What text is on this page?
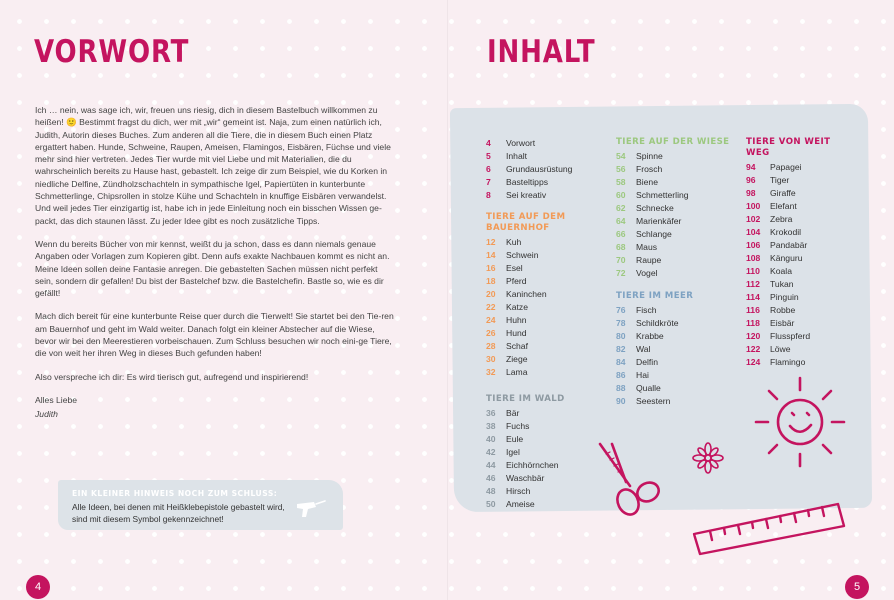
VORWORT

Ich … nein, was sage ich, wir, freuen uns riesig, dich in diesem Bastelbuch willkommen zu heißen! 🙂 Bestimmt fragst du dich, wer mit „wir“ gemeint ist. Naja, zum einen natürlich ich, Judith, Autorin dieses Buches. Zum anderen all die Tiere, die in diesem Buch einen Platz ergattert haben. Hunde, Schweine, Raupen, Ameisen, Flamingos, Eisbären, Füchse und viele mehr sind hier vertreten. Jedes Tier wurde mit viel Liebe und mit Materialien, die du wahrscheinlich bereits zu Hause hast, gebastelt. Ich zeige dir zum Beispiel, wie du Korken in niedliche Delfine, Zündholzschachteln in sympathische Igel, Papiertüten in kunterbunte Schmetterlinge, Chipsrollen in stolze Kühe und Schachteln in knuffige Eisbären verwandelst. Und weil jedes Tier einzigartig ist, habe ich in jede Einleitung noch ein bisschen Wissen ge-packt, das dich staunen lässt. Zu jeder Idee gibt es noch zusätzliche Tipps.

Wenn du bereits Bücher von mir kennst, weißt du ja schon, dass es dann niemals genaue Angaben oder Vorlagen zum Kopieren gibt. Denn aufs exakte Nachbauen kommt es nicht an. Meine Ideen sollen deine Fantasie anregen. Die gebastelten Sachen müssen nicht perfekt sein, sondern dir gefallen! Du bist der Bastelchef bzw. die Bastelchefin. Bastle so, wie es dir gefällt!

Mach dich bereit für eine kunterbunte Reise quer durch die Tierwelt! Sie startet bei den Tie-ren am Bauernhof und geht im Wald weiter. Danach folgt ein kleiner Abstecher auf die Wiese, bevor wir bei den Meerestieren vorbeischauen. Zum Schluss besuchen wir noch eini-ge Tiere, die von weit her ihren Weg in dieses Buch gefunden haben!

Also verspreche ich dir: Es wird tierisch gut, aufregend und inspirierend!

Alles Liebe

Judith

EIN KLEINER HINWEIS NOCH ZUM SCHLUSS:
Alle Ideen, bei denen mit Heißklebepistole gebastelt wird, sind mit diesem Symbol gekennzeichnet!
4
INHALT
4	Vorwort
5	Inhalt
6	Grundausrüstung
7	Basteltipps
8	Sei kreativ
TIERE AUF DEM BAUERNHOF
12	Kuh
14	Schwein
16	Esel
18	Pferd
20	Kaninchen
22	Katze
24	Huhn
26	Hund
28	Schaf
30	Ziege
32	Lama
TIERE IM WALD
36	Bär
38	Fuchs
40	Eule
42	Igel
44	Eichhörnchen
46	Waschbär
48	Hirsch
50	Ameise
TIERE AUF DER WIESE
54	Spinne
56	Frosch
58	Biene
60	Schmetterling
62	Schnecke
64	Marienkäfer
66	Schlange
68	Maus
70	Raupe
72	Vogel
TIERE IM MEER
76	Fisch
78	Schildkröte
80	Krabbe
82	Wal
84	Delfin
86	Hai
88	Qualle
90	Seestern
TIERE VON WEIT WEG
94	Papagei
96	Tiger
98	Giraffe
100	Elefant
102	Zebra
104	Krokodil
106	Pandabär
108	Känguru
110	Koala
112	Tukan
114	Pinguin
116	Robbe
118	Eisbär
120	Flusspferd
122	Löwe
124	Flamingo
5
